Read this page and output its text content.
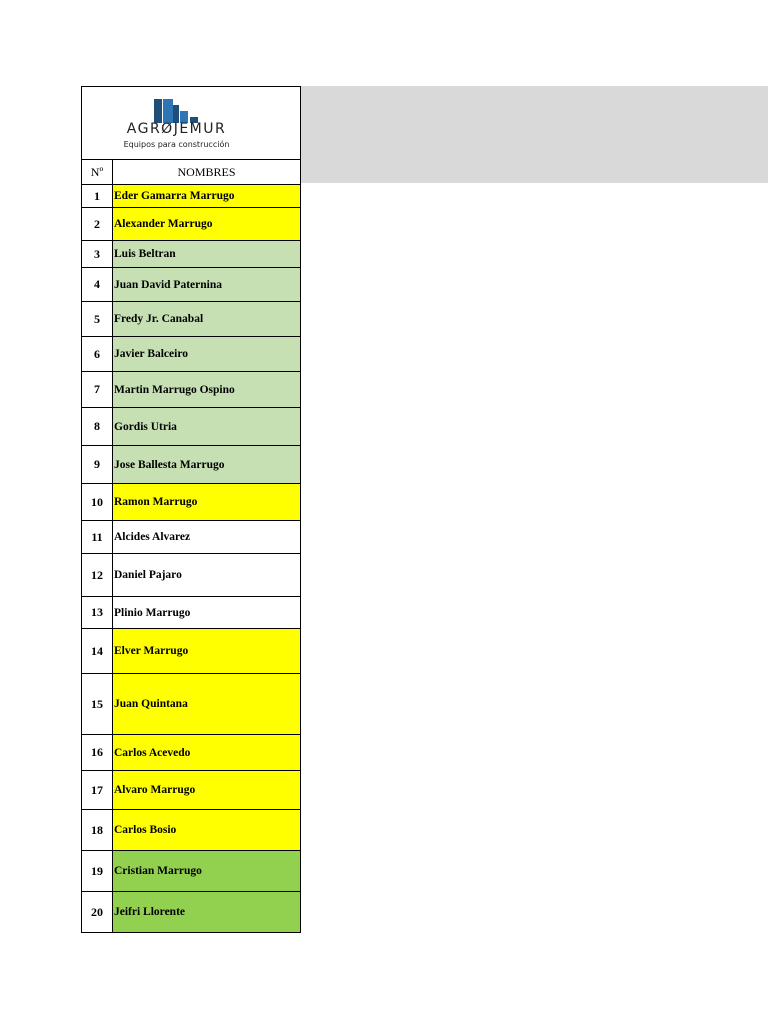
AGRØJEMUR
Equipos para construcción
Nº	NOMBRES
1	Eder Gamarra Marrugo
2	Alexander Marrugo
3	Luis Beltran
4	Juan David Paternina
5	Fredy Jr. Canabal
6	Javier Balceiro
7	Martin Marrugo Ospino
8	Gordis Utria
9	Jose Ballesta Marrugo
10 Ramon Marrugo
11 Alcides Alvarez
12 Daniel Pajaro
13 Plinio Marrugo
14 Elver Marrugo
15 Juan Quintana
16 Carlos Acevedo
17 Alvaro Marrugo
18 Carlos Bosio
19 Cristian Marrugo
20 Jeifri Llorente
